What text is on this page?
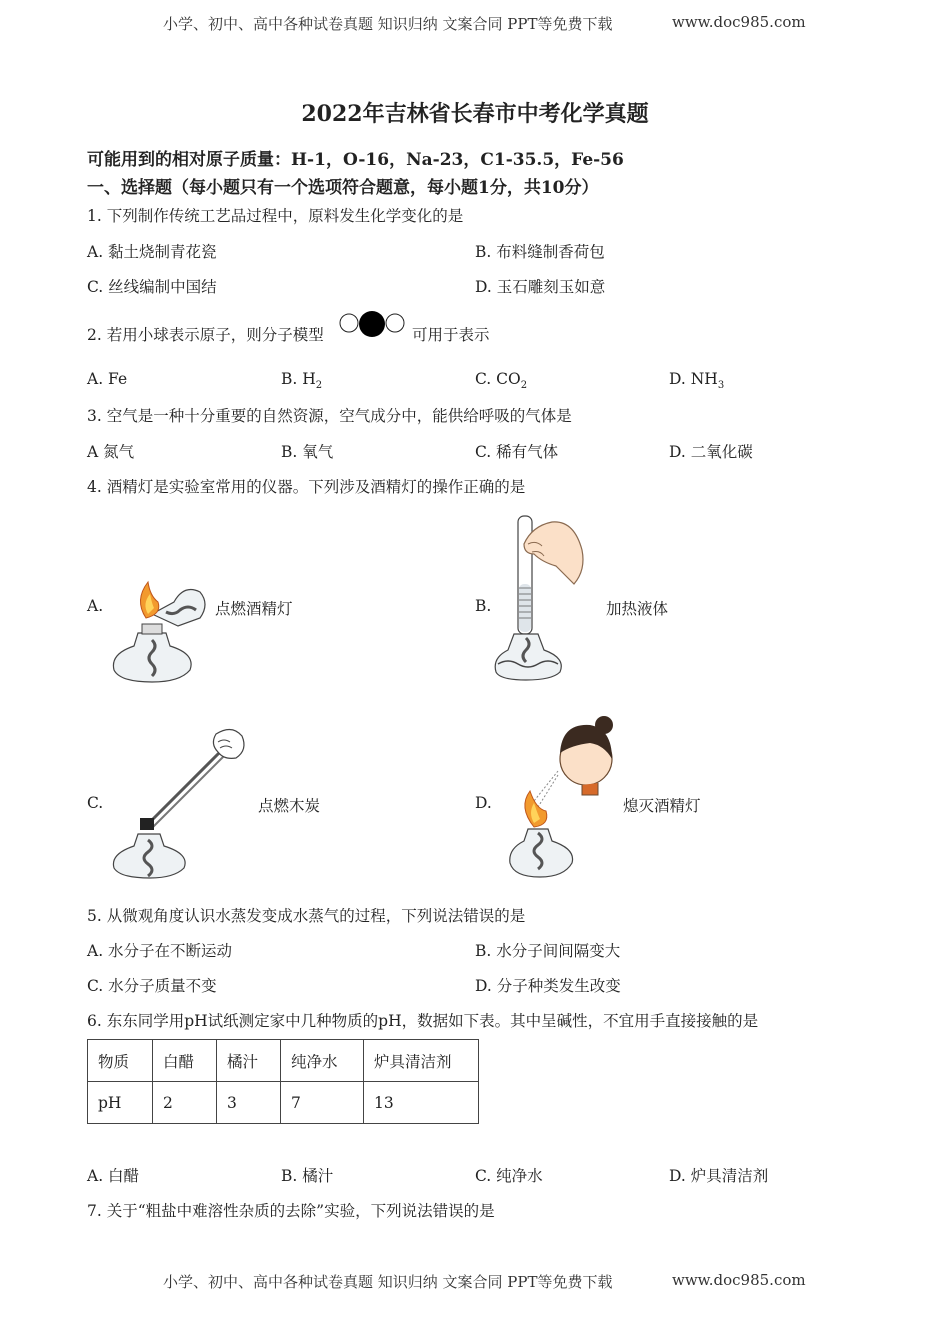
小学、初中、高中各种试卷真题 知识归纳 文案合同 PPT等免费下载	www.doc985.com
2022年吉林省长春市中考化学真题
可能用到的相对原子质量：H-1，O-16，Na-23，C1-35.5，Fe-56
一、选择题（每小题只有一个选项符合题意，每小题1分，共10分）
1. 下列制作传统工艺品过程中，原料发生化学变化的是
A. 黏土烧制青花瓷	B. 布料缝制香荷包
C. 丝线编制中国结	D. 玉石雕刻玉如意
2. 若用小球表示原子，则分子模型	可用于表示
A. Fe	B. $H_2$	C. $CO_2$	D. $NH_3$
3. 空气是一种十分重要的自然资源，空气成分中，能供给呼吸的气体是
A 氮气	B. 氧气	C. 稀有气体	D. 二氧化碳
4. 酒精灯是实验室常用的仪器。下列涉及酒精灯的操作正确的是
A.	点燃酒精灯	B.	加热液体
C.	点燃木炭	D.	熄灭酒精灯
5. 从微观角度认识水蒸发变成水蒸气的过程，下列说法错误的是
A. 水分子在不断运动	B. 水分子间间隔变大
C. 水分子质量不变	D. 分子种类发生改变
6. 东东同学用pH试纸测定家中几种物质的pH，数据如下表。其中呈碱性，不宜用手直接接触的是
物质	白醋	橘汁	纯净水	炉具清洁剂
pH	2	3	7	13
A. 白醋	B. 橘汁	C. 纯净水	D. 炉具清洁剂
7. 关于“粗盐中难溶性杂质的去除”实验，下列说法错误的是
小学、初中、高中各种试卷真题 知识归纳 文案合同 PPT等免费下载	www.doc985.com
